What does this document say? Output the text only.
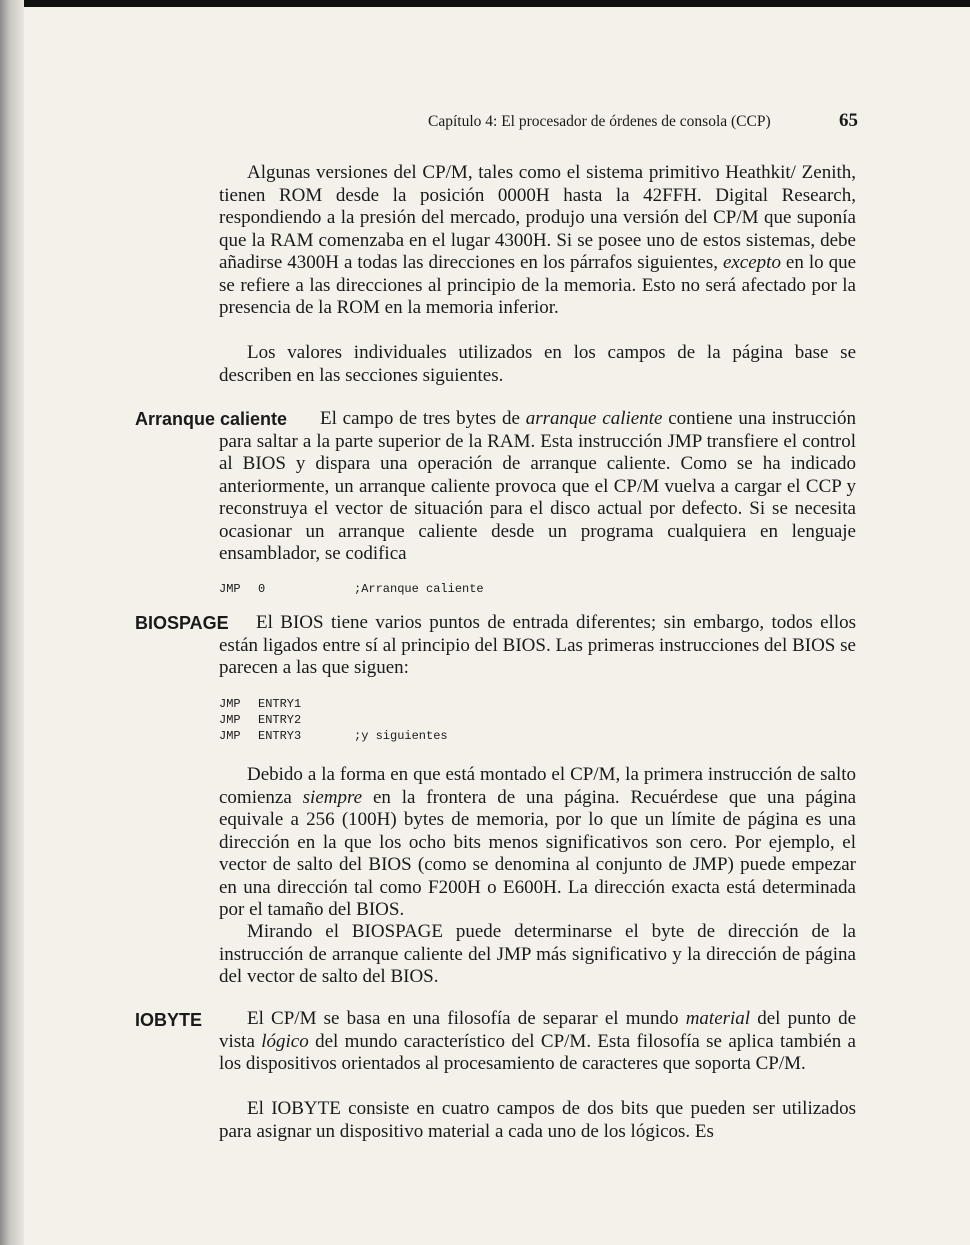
Capítulo 4: El procesador de órdenes de consola (CCP)	65

Algunas versiones del CP/M, tales como el sistema primitivo Heathkit/ Zenith, tienen ROM desde la posición 0000H hasta la 42FFH. Digital Research, respondiendo a la presión del mercado, produjo una versión del CP/M que suponía que la RAM comenzaba en el lugar 4300H. Si se posee uno de estos sistemas, debe añadirse 4300H a todas las direcciones en los párrafos siguientes, excepto en lo que se refiere a las direcciones al principio de la memoria. Esto no será afectado por la presencia de la ROM en la memoria inferior.

Los valores individuales utilizados en los campos de la página base se describen en las secciones siguientes.

Arranque caliente	El campo de tres bytes de arranque caliente contiene una instrucción para saltar a la parte superior de la RAM. Esta instrucción JMP transfiere el control al BIOS y dispara una operación de arranque caliente. Como se ha indicado anteriormente, un arranque caliente provoca que el CP/M vuelva a cargar el CCP y reconstruya el vector de situación para el disco actual por defecto. Si se necesita ocasionar un arranque caliente desde un programa cualquiera en lenguaje ensamblador, se codifica

JMP 0	;Arranque caliente
BIOSPAGE	El BIOS tiene varios puntos de entrada diferentes; sin embargo, todos ellos están ligados entre sí al principio del BIOS. Las primeras instrucciones del BIOS se parecen a las que siguen:

JMP ENTRY1
JMP ENTRY2
JMP ENTRY3	;y siguientes

Debido a la forma en que está montado el CP/M, la primera instrucción de salto comienza siempre en la frontera de una página. Recuérdese que una página equivale a 256 (100H) bytes de memoria, por lo que un límite de página es una dirección en la que los ocho bits menos significativos son cero. Por ejemplo, el vector de salto del BIOS (como se denomina al conjunto de JMP) puede empezar en una dirección tal como F200H o E600H. La dirección exacta está determinada por el tamaño del BIOS.

Mirando el BIOSPAGE puede determinarse el byte de dirección de la instrucción de arranque caliente del JMP más significativo y la dirección de página del vector de salto del BIOS.

IOBYTE	El CP/M se basa en una filosofía de separar el mundo material del punto de vista lógico del mundo característico del CP/M. Esta filosofía se aplica también a los dispositivos orientados al procesamiento de caracteres que soporta CP/M.

El IOBYTE consiste en cuatro campos de dos bits que pueden ser utilizados para asignar un dispositivo material a cada uno de los lógicos. Es
